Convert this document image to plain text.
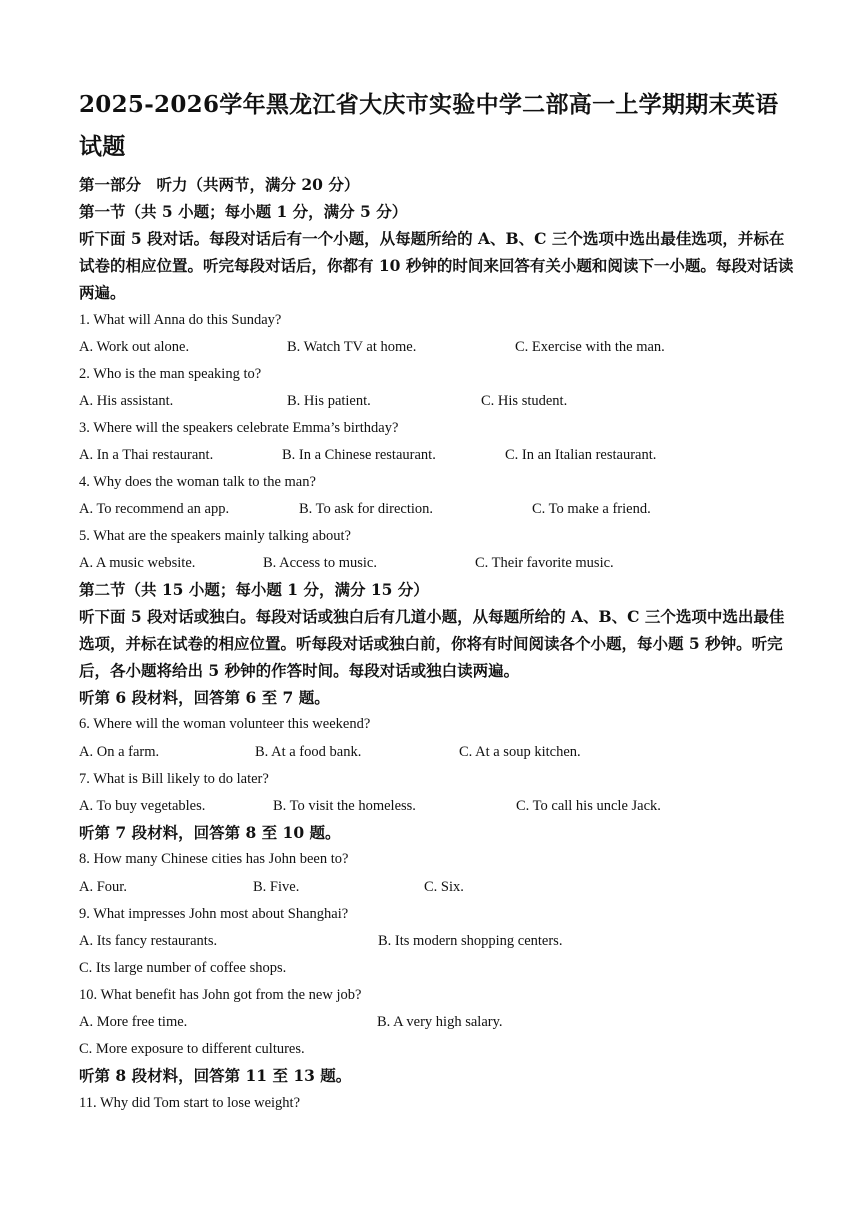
2025-2026学年黑龙江省大庆市实验中学二部高一上学期期末英语试题
第一部分　听力（共两节，满分 20 分）
第一节（共 5 小题；每小题 1 分，满分 5 分）
听下面 5 段对话。每段对话后有一个小题，从每题所给的 A、B、C 三个选项中选出最佳选项，并标在试卷的相应位置。听完每段对话后，你都有 10 秒钟的时间来回答有关小题和阅读下一小题。每段对话读两遍。
1. What will Anna do this Sunday?
A. Work out alone.	B. Watch TV at home.	C. Exercise with the man.
2. Who is the man speaking to?
A. His assistant.	B. His patient.	C. His student.
3. Where will the speakers celebrate Emma’s birthday?
A. In a Thai restaurant.	B. In a Chinese restaurant.	C. In an Italian restaurant.
4. Why does the woman talk to the man?
A. To recommend an app.	B. To ask for direction.	C. To make a friend.
5. What are the speakers mainly talking about?
A. A music website.	B. Access to music.	C. Their favorite music.
第二节（共 15 小题；每小题 1 分，满分 15 分）
听下面 5 段对话或独白。每段对话或独白后有几道小题，从每题所给的 A、B、C 三个选项中选出最佳选项，并标在试卷的相应位置。听每段对话或独白前，你将有时间阅读各个小题，每小题 5 秒钟。听完后，各小题将给出 5 秒钟的作答时间。每段对话或独白读两遍。
听第 6 段材料，回答第 6 至 7 题。
6. Where will the woman volunteer this weekend?
A. On a farm.	B. At a food bank.	C. At a soup kitchen.
7. What is Bill likely to do later?
A. To buy vegetables.	B. To visit the homeless.	C. To call his uncle Jack.
听第 7 段材料，回答第 8 至 10 题。
8. How many Chinese cities has John been to?
A. Four.	B. Five.	C. Six.
9. What impresses John most about Shanghai?
A. Its fancy restaurants.	B. Its modern shopping centers.
C. Its large number of coffee shops.
10. What benefit has John got from the new job?
A. More free time.	B. A very high salary.
C. More exposure to different cultures.
听第 8 段材料，回答第 11 至 13 题。
11. Why did Tom start to lose weight?
